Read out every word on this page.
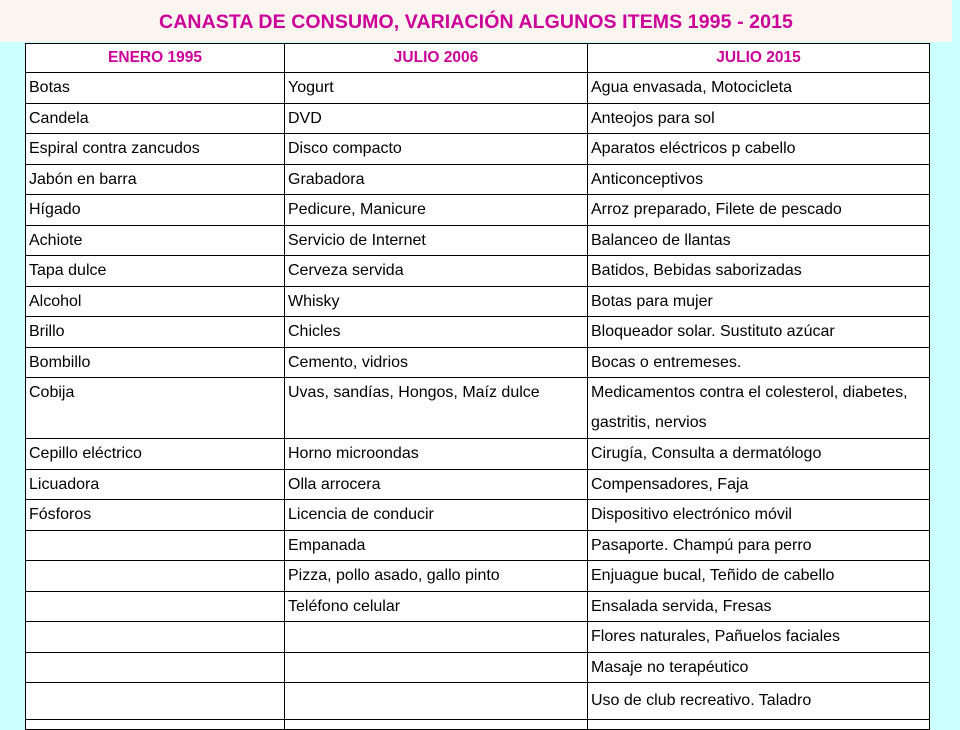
CANASTA DE CONSUMO, VARIACIÓN ALGUNOS ITEMS 1995 - 2015
ENERO 1995	JULIO 2006	JULIO 2015
Botas	Yogurt	Agua envasada, Motocicleta
Candela	DVD	Anteojos para sol
Espiral contra zancudos	Disco compacto	Aparatos eléctricos p cabello
Jabón en barra	Grabadora	Anticonceptivos
Hígado	Pedicure, Manicure	Arroz preparado, Filete de pescado
Achiote	Servicio de Internet	Balanceo de llantas
Tapa dulce	Cerveza servida	Batidos, Bebidas saborizadas
Alcohol	Whisky	Botas para mujer
Brillo	Chicles	Bloqueador solar. Sustituto azúcar
Bombillo	Cemento, vidrios	Bocas o entremeses.
Cobija	Uvas, sandías, Hongos, Maíz dulce	Medicamentos contra el colesterol, diabetes, gastritis, nervios
Cepillo eléctrico	Horno microondas	Cirugía, Consulta a dermatólogo
Licuadora	Olla arrocera	Compensadores, Faja
Fósforos	Licencia de conducir	Dispositivo electrónico móvil
	Empanada	Pasaporte. Champú para perro
	Pizza, pollo asado, gallo pinto	Enjuague bucal, Teñido de cabello
	Teléfono celular	Ensalada servida, Fresas
		Flores naturales, Pañuelos faciales
		Masaje no terapéutico
		Uso de club recreativo. Taladro
